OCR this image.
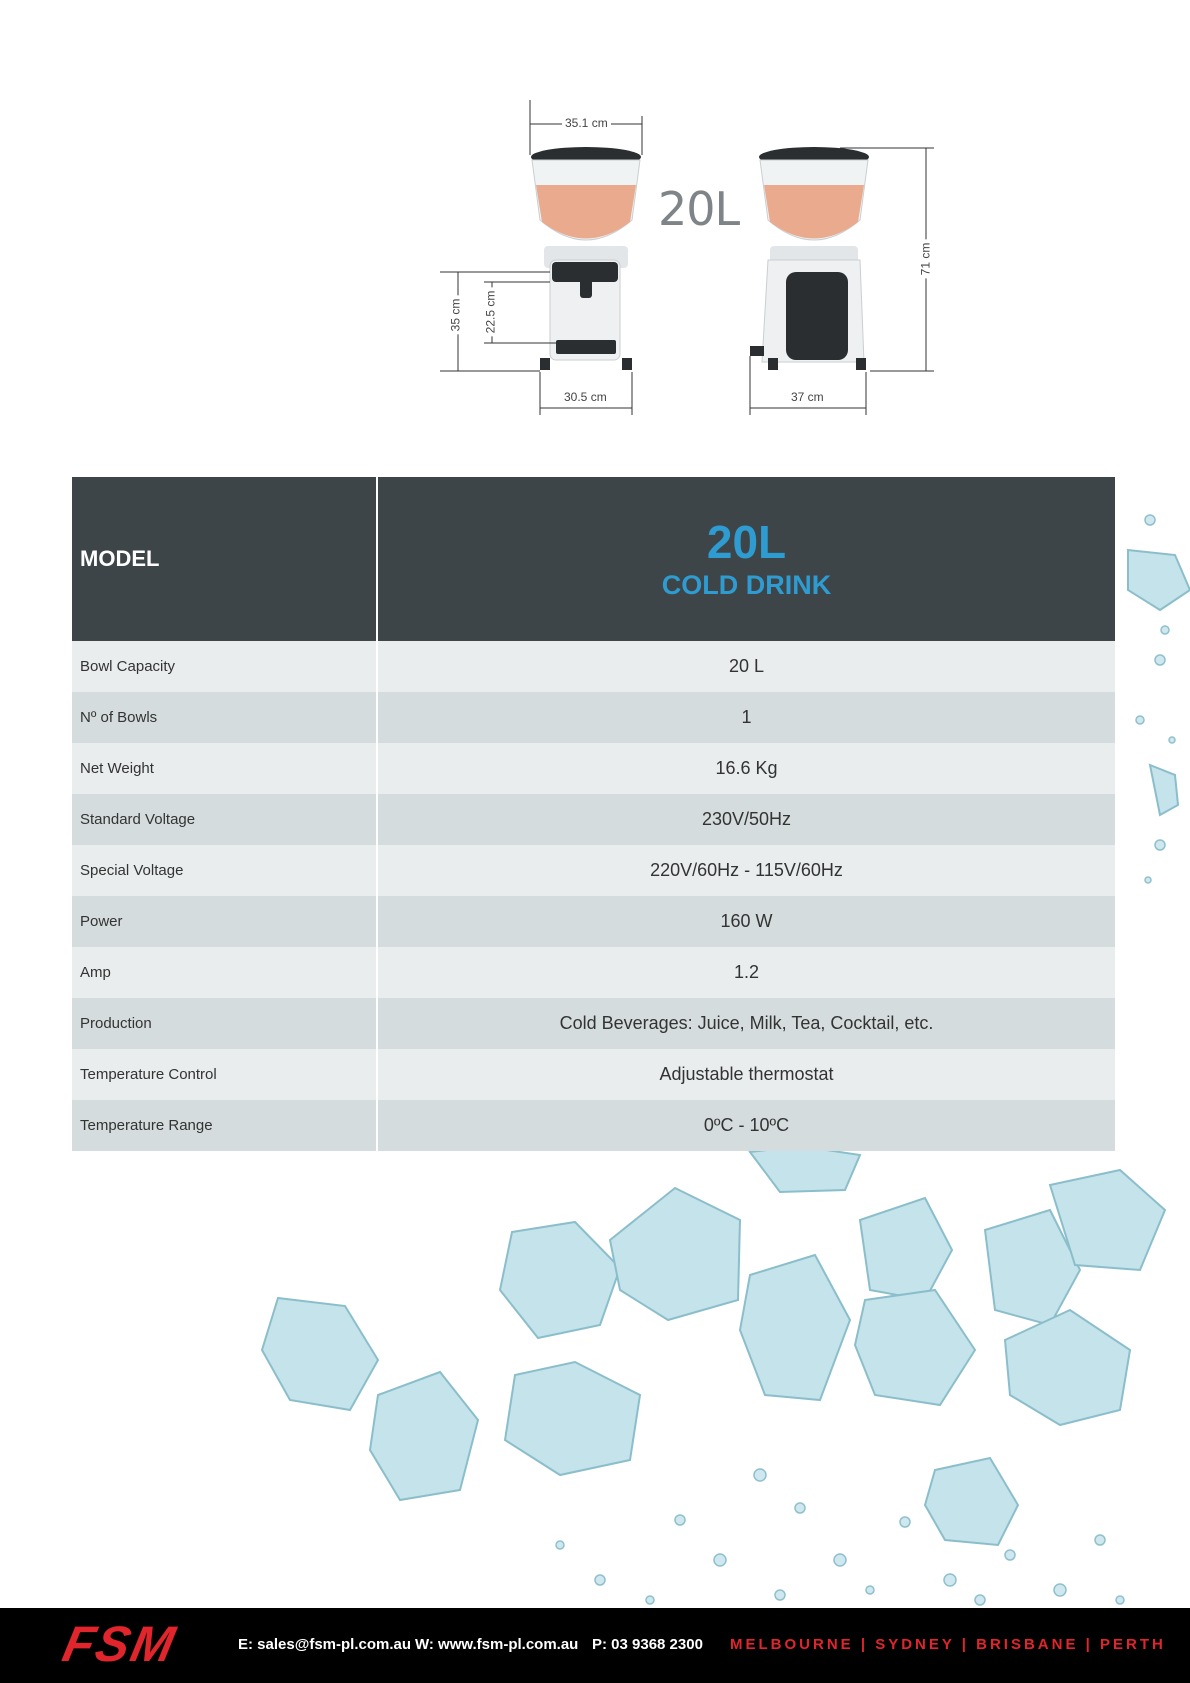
35.1 cm
30.5 cm	37 cm
71 cm
35 cm 22.5 cm
20L
MODEL	20L
COLD DRINK
Bowl Capacity	20 L
Nº of Bowls	1
Net Weight	16.6 Kg
Standard Voltage	230V/50Hz
Special Voltage	220V/60Hz - 115V/60Hz
Power	160 W
Amp	1.2
Production	Cold Beverages: Juice, Milk, Tea, Cocktail, etc.
Temperature Control	Adjustable thermostat
Temperature Range	0ºC - 10ºC
FSM	E: sales@fsm-pl.com.au W: www.fsm-pl.com.au P: 03 9368 2300 MELBOURNE | SYDNEY | BRISBANE | PERTH
